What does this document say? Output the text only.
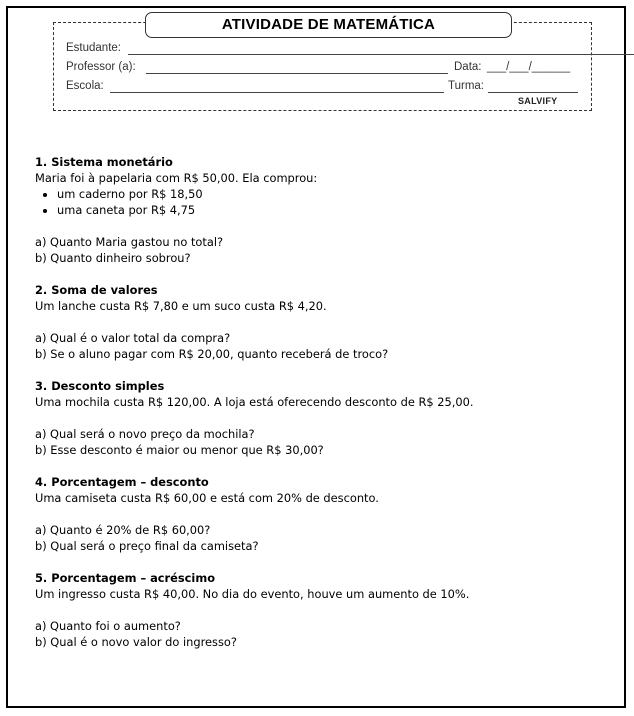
ATIVIDADE DE MATEMÁTICA
Estudante:
Professor (a):	Data: ___/___/______
Escola:	Turma:
SALVIFY
1. Sistema monetário
Maria foi à papelaria com R$ 50,00. Ela comprou:
• um caderno por R$ 18,50
• uma caneta por R$ 4,75
a) Quanto Maria gastou no total?
b) Quanto dinheiro sobrou?
2. Soma de valores
Um lanche custa R$ 7,80 e um suco custa R$ 4,20.
a) Qual é o valor total da compra?
b) Se o aluno pagar com R$ 20,00, quanto receberá de troco?
3. Desconto simples
Uma mochila custa R$ 120,00. A loja está oferecendo desconto de R$ 25,00.
a) Qual será o novo preço da mochila?
b) Esse desconto é maior ou menor que R$ 30,00?
4. Porcentagem – desconto
Uma camiseta custa R$ 60,00 e está com 20% de desconto.
a) Quanto é 20% de R$ 60,00?
b) Qual será o preço final da camiseta?
5. Porcentagem – acréscimo
Um ingresso custa R$ 40,00. No dia do evento, houve um aumento de 10%.
a) Quanto foi o aumento?
b) Qual é o novo valor do ingresso?
